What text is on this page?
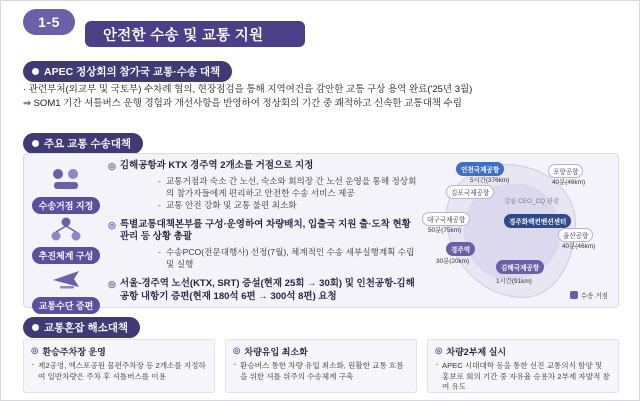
1-5
안전한 수송 및 교통 지원
APEC 정상회의 참가국 교통·수송 대책
· 관련부처(외교부 및 국토부) 수차례 협의, 현장점검을 통해 지역여건을 감안한 교통 구상 용역 완료('25년 3월)
⇒ SOM1 기간 셔틀버스 운행 경험과 개선사항을 반영하여 정상회의 기간 중 쾌적하고 신속한 교통대책 수립
주요 교통 수송대책
수송거점 지정
추진체계 구성
교통수단 증편
◎ 김해공항과 KTX 경주역 2개소를 거점으로 지정
- 교통거점과 숙소 간 노선, 숙소와 회의장 간 노선 운영을 통해 정상회의 참가자들에게 편리하고 안전한 수송 서비스 제공
- 교통 안전 강화 및 교통 불편 최소화
◎ 특별교통대책본부를 구성·운영하여 차량배치, 입출국 지원 출·도착 현황 관리 등 상황 총괄
- 수송PCO(전문대행사) 선정(7월), 체계적인 수송 세부실행계획 수립 및 실행
◎ 서울-경주역 노선(KTX, SRT) 증설(현재 25회 → 30회) 및 인천공항-김해공항 내항기 증편(현재 180석 6편 → 300석 8편) 요청
인천국제공항
5시간(376km)
김포국제공항
포항공항
40분(46km)
대구국제공항
50분(75km)
경주화백컨벤션센터
울산공항
40분(46km)
경주역
30분(20km)
김해국제공항
1시간(91km)
강릉 CEO_CQ 관광
수송 거점
교통혼잡 해소대책
◎ 환승주차장 운영
· 제2공영, 엑스포공원 물편주차장 등 2개소를 지정하여 일반차량은 주차 후 셔틀버스를 이용
◎ 차량유입 최소화
· 환승버스 통한 차량 유입 최소화, 원활한 교통 흐름을 위한 셔틀 위주의 수송체계 구축
◎ 차량2부제 실시
· APEC 시대대학 등을 통한 선진 교통의식 함양 및 홍보로 회의 기간 중 자유율 승용차 2부제 자발적 참여 유도
